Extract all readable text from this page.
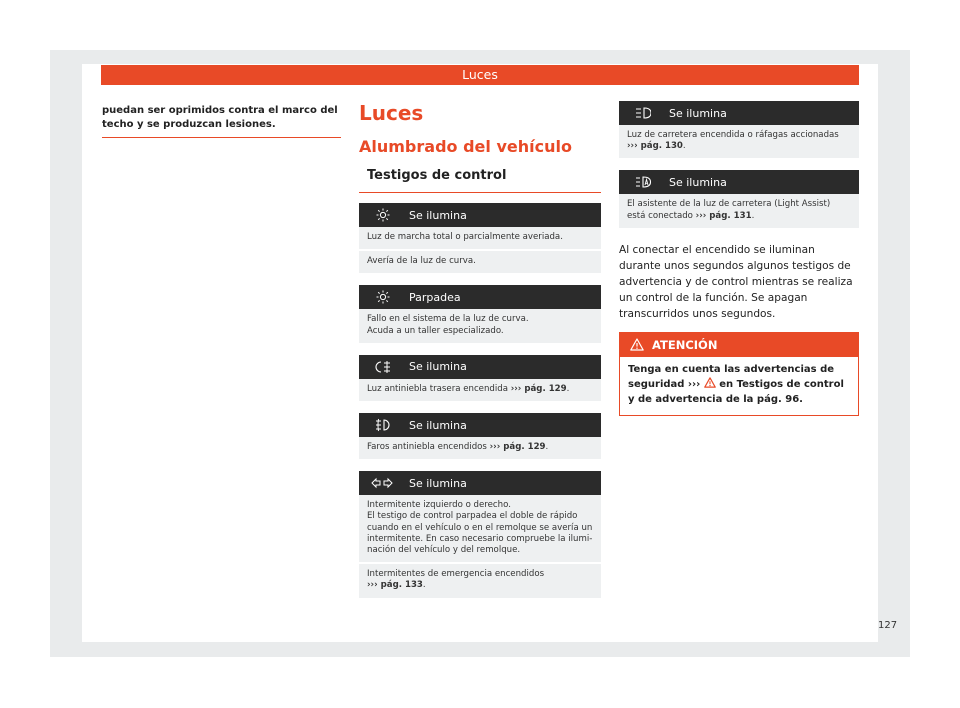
Luces

puedan ser oprimidos contra el marco del techo y se produzcan lesiones.	Luces
Alumbrado del vehículo
Testigos de control
Se ilumina
Luz de marcha total o parcialmente averiada.
Avería de la luz de curva.
Parpadea
Fallo en el sistema de la luz de curva.
Acuda a un taller especializado.
Se ilumina
Luz antiniebla trasera encendida ››› pág. 129.
Se ilumina
Faros antiniebla encendidos ››› pág. 129.
Se ilumina
Intermitente izquierdo o derecho.
El testigo de control parpadea el doble de rápido cuando en el vehículo o en el remolque se avería un intermitente. En caso necesario compruebe la iluminación del vehículo y del remolque.
Intermitentes de emergencia encendidos
››› pág. 133.
Se ilumina
Luz de carretera encendida o ráfagas accionadas
››› pág. 130.
Se ilumina
El asistente de la luz de carretera (Light Assist) está conectado ››› pág. 131.

Al conectar el encendido se iluminan durante unos segundos algunos testigos de advertencia y de control mientras se realiza un control de la función. Se apagan transcurridos unos segundos.

ATENCIÓN
Tenga en cuenta las advertencias de seguridad ››› en Testigos de control y de advertencia de la pág. 96.
127
